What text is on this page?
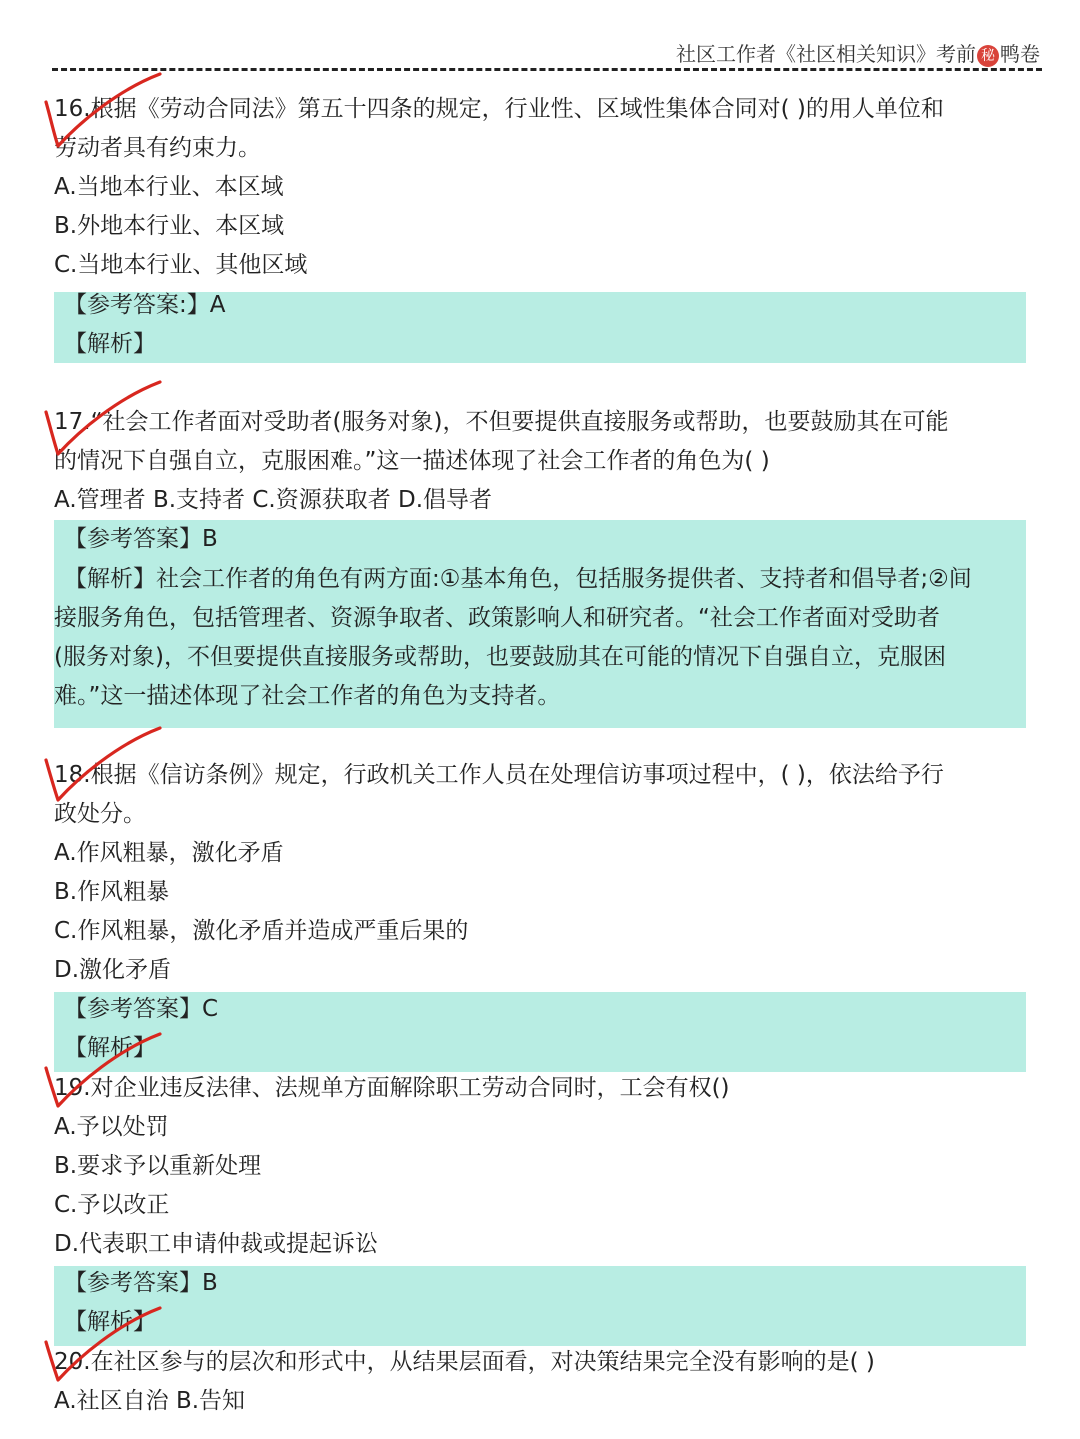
社区工作者《社区相关知识》考前 秘 鸭卷
16.根据《劳动合同法》第五十四条的规定，行业性、区域性集体合同对( )的用人单位和
劳动者具有约束力。
A.当地本行业、本区域
B.外地本行业、本区域
C.当地本行业、其他区域
【参考答案:】A
【解析】
17.“社会工作者面对受助者(服务对象)，不但要提供直接服务或帮助，也要鼓励其在可能
的情况下自强自立，克服困难。”这一描述体现了社会工作者的角色为( )
A.管理者 B.支持者 C.资源获取者 D.倡导者
【参考答案】B
【解析】社会工作者的角色有两方面:①基本角色，包括服务提供者、支持者和倡导者;②间
接服务角色，包括管理者、资源争取者、政策影响人和研究者。“社会工作者面对受助者
(服务对象)，不但要提供直接服务或帮助，也要鼓励其在可能的情况下自强自立，克服困
难。”这一描述体现了社会工作者的角色为支持者。
18.根据《信访条例》规定，行政机关工作人员在处理信访事项过程中，( )，依法给予行
政处分。
A.作风粗暴，激化矛盾
B.作风粗暴
C.作风粗暴，激化矛盾并造成严重后果的
D.激化矛盾
【参考答案】C
【解析】
19.对企业违反法律、法规单方面解除职工劳动合同时，工会有权()
A.予以处罚
B.要求予以重新处理
C.予以改正
D.代表职工申请仲裁或提起诉讼
【参考答案】B
【解析】
20.在社区参与的层次和形式中，从结果层面看，对决策结果完全没有影响的是( )
A.社区自治 B.告知
